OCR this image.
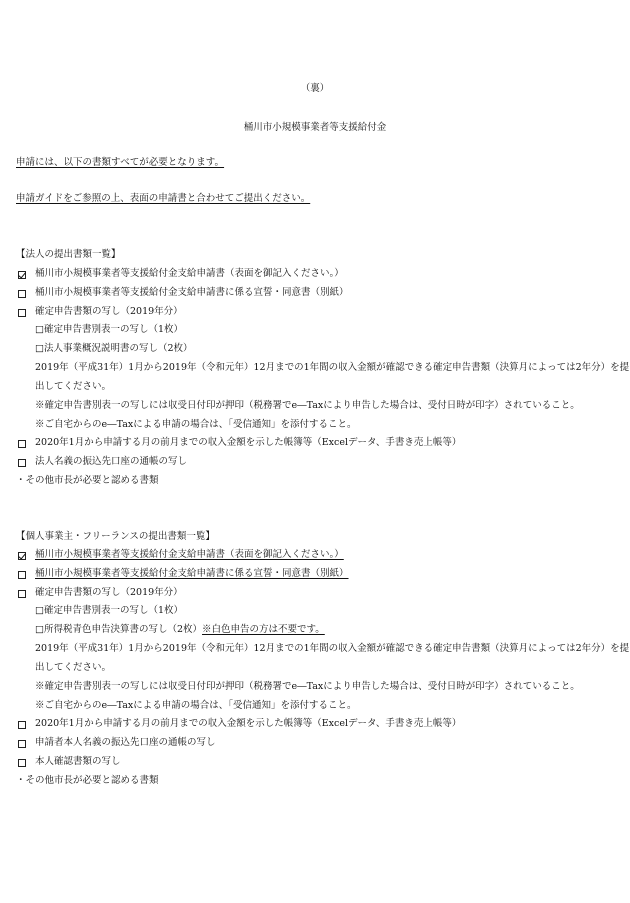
（裏）
桶川市小規模事業者等支援給付金
申請には、以下の書類すべてが必要となります。
申請ガイドをご参照の上、表面の申請書と合わせてご提出ください。
【法人の提出書類一覧】
桶川市小規模事業者等支援給付金支給申請書（表面を御記入ください。）
桶川市小規模事業者等支援給付金支給申請書に係る宣誓・同意書（別紙）
確定申告書類の写し（2019年分）
□確定申告書別表一の写し（1枚）
□法人事業概況説明書の写し（2枚）
2019年（平成31年）1月から2019年（令和元年）12月までの1年間の収入金額が確認できる確定申告書類（決算月によっては2年分）を提
出してください。
※確定申告書別表一の写しには収受日付印が押印（税務署でe―Taxにより申告した場合は、受付日時が印字）されていること。
※ご自宅からのe―Taxによる申請の場合は、「受信通知」を添付すること。
2020年1月から申請する月の前月までの収入金額を示した帳簿等（Excelデータ、手書き売上帳等）
法人名義の振込先口座の通帳の写し
・その他市長が必要と認める書類
【個人事業主・フリーランスの提出書類一覧】
桶川市小規模事業者等支援給付金支給申請書（表面を御記入ください。）
桶川市小規模事業者等支援給付金支給申請書に係る宣誓・同意書（別紙）
確定申告書類の写し（2019年分）
□確定申告書別表一の写し（1枚）
□所得税青色申告決算書の写し（2枚）※白色申告の方は不要です。
2019年（平成31年）1月から2019年（令和元年）12月までの1年間の収入金額が確認できる確定申告書類（決算月によっては2年分）を提
出してください。
※確定申告書別表一の写しには収受日付印が押印（税務署でe―Taxにより申告した場合は、受付日時が印字）されていること。
※ご自宅からのe―Taxによる申請の場合は、「受信通知」を添付すること。
2020年1月から申請する月の前月までの収入金額を示した帳簿等（Excelデータ、手書き売上帳等）
申請者本人名義の振込先口座の通帳の写し
本人確認書類の写し
・その他市長が必要と認める書類
